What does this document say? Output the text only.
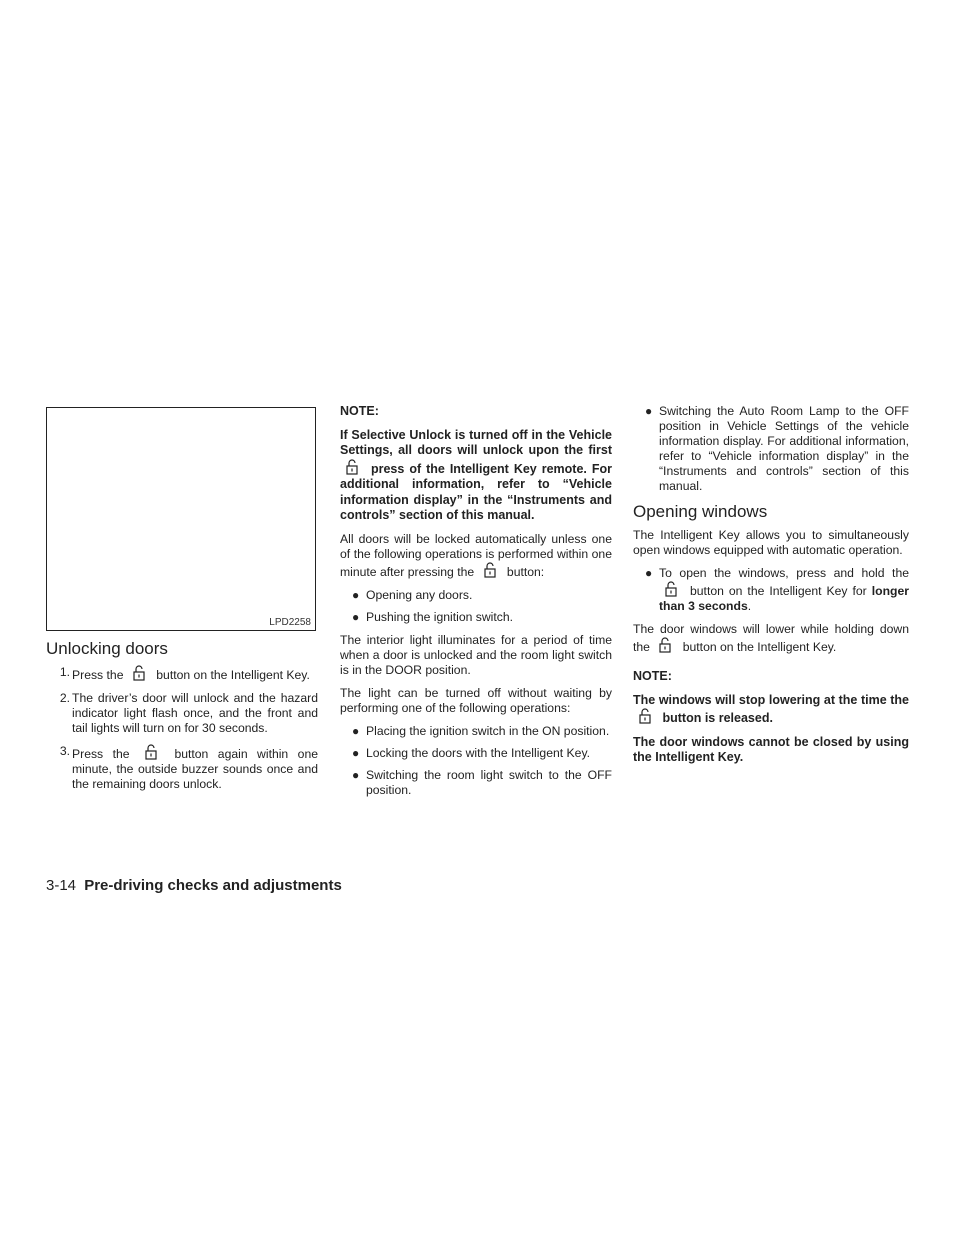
LPD2258
Unlocking doors
1. Press the	button on the Intelligent Key.
2. The driver’s door will unlock and the hazard indicator light flash once, and the front and tail lights will turn on for 30 seconds.
3. Press the	button again within one minute, the outside buzzer sounds once and the remaining doors unlock.

NOTE:

If Selective Unlock is turned off in the Vehicle Settings, all doors will unlock upon the first  press of the Intelligent Key remote. For additional information, refer to “Vehicle information display” in the “Instruments and controls” section of this manual.

All doors will be locked automatically unless one of the following operations is performed within one minute after pressing the	button:

● Opening any doors.
● Pushing the ignition switch.

The interior light illuminates for a period of time when a door is unlocked and the room light switch is in the DOOR position.

The light can be turned off without waiting by performing one of the following operations:

● Placing the ignition switch in the ON position.
● Locking the doors with the Intelligent Key.
● Switching the room light switch to the OFF position.
● Switching the Auto Room Lamp to the OFF position in Vehicle Settings of the vehicle information display. For additional information, refer to “Vehicle information display” in the “Instruments and controls” section of this manual.
Opening windows

The Intelligent Key allows you to simultaneously open windows equipped with automatic operation.

● To open the windows, press and hold the  button on the Intelligent Key for longer than 3 seconds.

The door windows will lower while holding down the	button on the Intelligent Key.

NOTE:

The windows will stop lowering at the time the  button is released.

The door windows cannot be closed by using the Intelligent Key.

3-14 Pre-driving checks and adjustments
